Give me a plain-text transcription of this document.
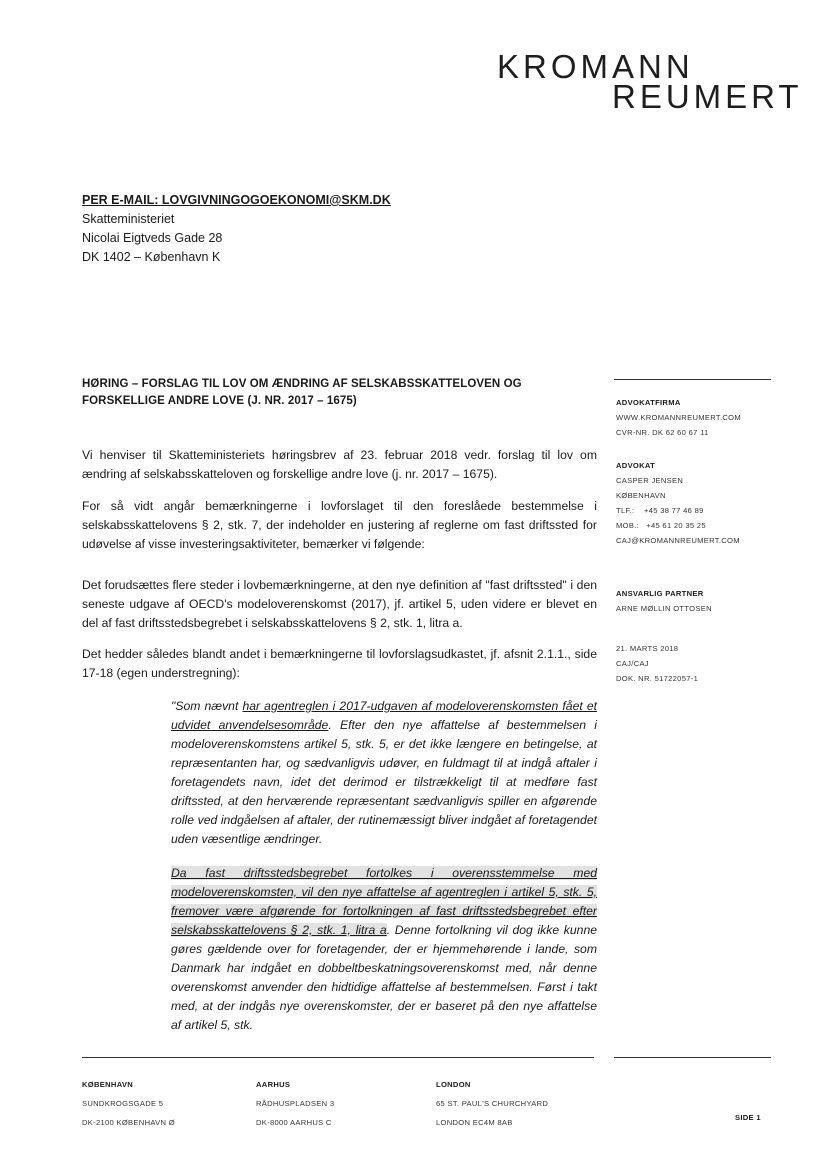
KROMANN
REUMERT
PER E-MAIL: LOVGIVNINGOGOEKONOMI@SKM.DK
Skatteministeriet
Nicolai Eigtveds Gade 28
DK 1402 – København K
HØRING – FORSLAG TIL LOV OM ÆNDRING AF SELSKABSSKATTELOVEN OG FORSKELLIGE ANDRE LOVE (J. NR. 2017 – 1675)
Vi henviser til Skatteministeriets høringsbrev af 23. februar 2018 vedr. forslag til lov om ændring af selskabsskatteloven og forskellige andre love (j. nr. 2017 – 1675).
For så vidt angår bemærkningerne i lovforslaget til den foreslåede bestemmelse i selskabsskattelovens § 2, stk. 7, der indeholder en justering af reglerne om fast driftssted for udøvelse af visse investeringsaktiviteter, bemærker vi følgende:
Det forudsættes flere steder i lovbemærkningerne, at den nye definition af "fast driftssted" i den seneste udgave af OECD's modeloverenskomst (2017), jf. artikel 5, uden videre er blevet en del af fast driftsstedsbegrebet i selskabsskattelovens § 2, stk. 1, litra a.
Det hedder således blandt andet i bemærkningerne til lovforslagsudkastet, jf. afsnit 2.1.1., side 17-18 (egen understregning):
"Som nævnt har agentreglen i 2017-udgaven af modeloverenskomsten fået et udvidet anvendelsesområde. Efter den nye affattelse af bestemmelsen i modeloverenskomstens artikel 5, stk. 5, er det ikke længere en betingelse, at repræsentanten har, og sædvanligvis udøver, en fuldmagt til at indgå aftaler i foretagendets navn, idet det derimod er tilstrækkeligt til at medføre fast driftssted, at den herværende repræsentant sædvanligvis spiller en afgørende rolle ved indgåelsen af aftaler, der rutinemæssigt bliver indgået af foretagendet uden væsentlige ændringer.
Da fast driftsstedsbegrebet fortolkes i overensstemmelse med modeloverenskomsten, vil den nye affattelse af agentreglen i artikel 5, stk. 5, fremover være afgørende for fortolkningen af fast driftsstedsbegrebet efter selskabsskattelovens § 2, stk. 1, litra a. Denne fortolkning vil dog ikke kunne gøres gældende over for foretagender, der er hjemmehørende i lande, som Danmark har indgået en dobbeltbeskatningsoverenskomst med, når denne overenskomst anvender den hidtidige affattelse af bestemmelsen. Først i takt med, at der indgås nye overenskomster, der er baseret på den nye affattelse af artikel 5, stk.
ADVOKATFIRMA
WWW.KROMANNREUMERT.COM
CVR-NR. DK 62 60 67 11
ADVOKAT
CASPER JENSEN
KØBENHAVN
TLF.:    +45 38 77 46 89
MOB.:   +45 61 20 35 25
CAJ@KROMANNREUMERT.COM
ANSVARLIG PARTNER
ARNE MØLLIN OTTOSEN
21. MARTS 2018
CAJ/CAJ
DOK. NR. 51722057-1
KØBENHAVN
SUNDKROGSGADE 5
DK-2100 KØBENHAVN Ø
AARHUS
RÅDHUSPLADSEN 3
DK-8000 AARHUS C
LONDON
65 ST. PAUL'S CHURCHYARD
LONDON EC4M 8AB
SIDE 1
